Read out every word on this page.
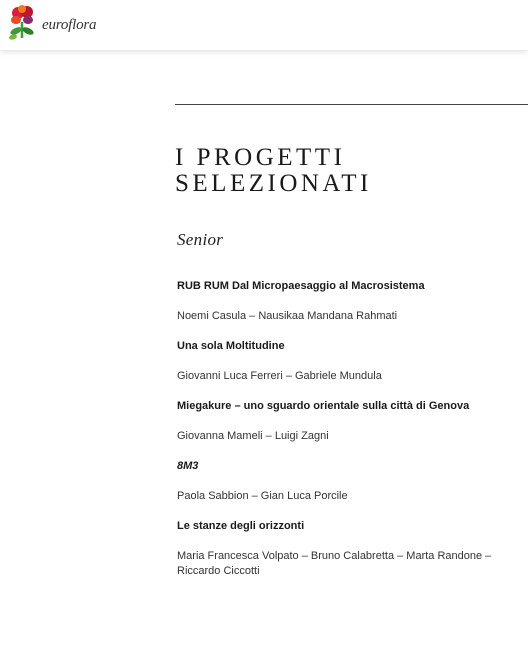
euroflora
I PROGETTI
SELEZIONATI
Senior
RUB RUM Dal Micropaesaggio al Macrosistema
Noemi Casula – Nausikaa Mandana Rahmati
Una sola Moltitudine
Giovanni Luca Ferreri – Gabriele Mundula
Miegakure – uno sguardo orientale sulla città di Genova
Giovanna Mameli – Luigi Zagni
8M3
Paola Sabbion – Gian Luca Porcile
Le stanze degli orizzonti
Maria Francesca Volpato – Bruno Calabretta – Marta Randone – Riccardo Ciccotti
